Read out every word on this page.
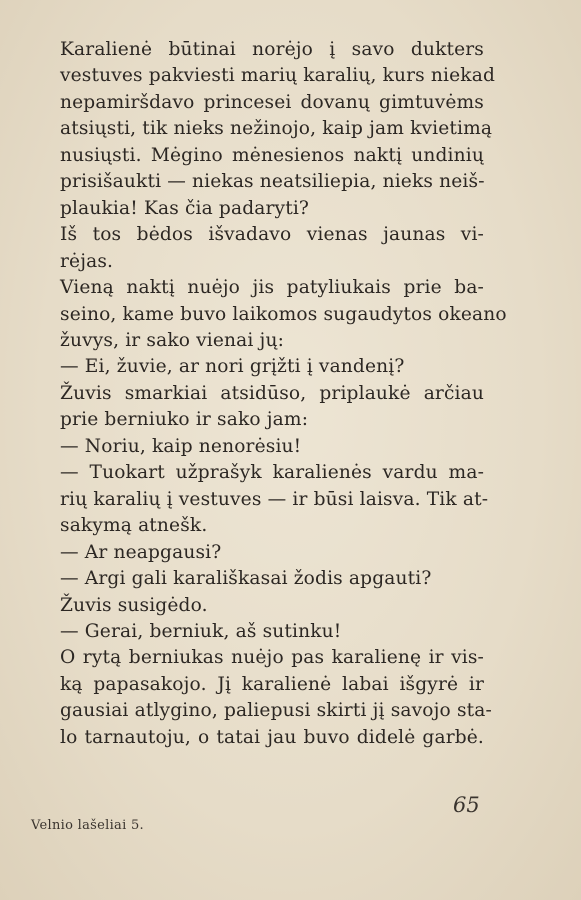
Karalienė būtinai norėjo į savo dukters
vestuves pakviesti marių karalių, kurs niekad
nepamiršdavo princesei dovanų gimtuvėms
atsiųsti, tik nieks nežinojo, kaip jam kvietimą
nusiųsti. Mėgino mėnesienos naktį undinių
prisišaukti — niekas neatsiliepia, nieks neiš-
plaukia! Kas čia padaryti?
Iš tos bėdos išvadavo vienas jaunas vi-
rėjas.
Vieną naktį nuėjo jis patyliukais prie ba-
seino, kame buvo laikomos sugaudytos okeano
žuvys, ir sako vienai jų:
— Ei, žuvie, ar nori grįžti į vandenį?
Žuvis smarkiai atsidūso, priplaukė arčiau
prie berniuko ir sako jam:
— Noriu, kaip nenorėsiu!
— Tuokart užprašyk karalienės vardu ma-
rių karalių į vestuves — ir būsi laisva. Tik at-
sakymą atnešk.
— Ar neapgausi?
— Argi gali karališkasai žodis apgauti?
Žuvis susigėdo.
— Gerai, berniuk, aš sutinku!
O rytą berniukas nuėjo pas karalienę ir vis-
ką papasakojo. Jį karalienė labai išgyrė ir
gausiai atlygino, paliepusi skirti jį savojo sta-
lo tarnautoju, o tatai jau buvo didelė garbė.
65
Velnio lašeliai 5.
